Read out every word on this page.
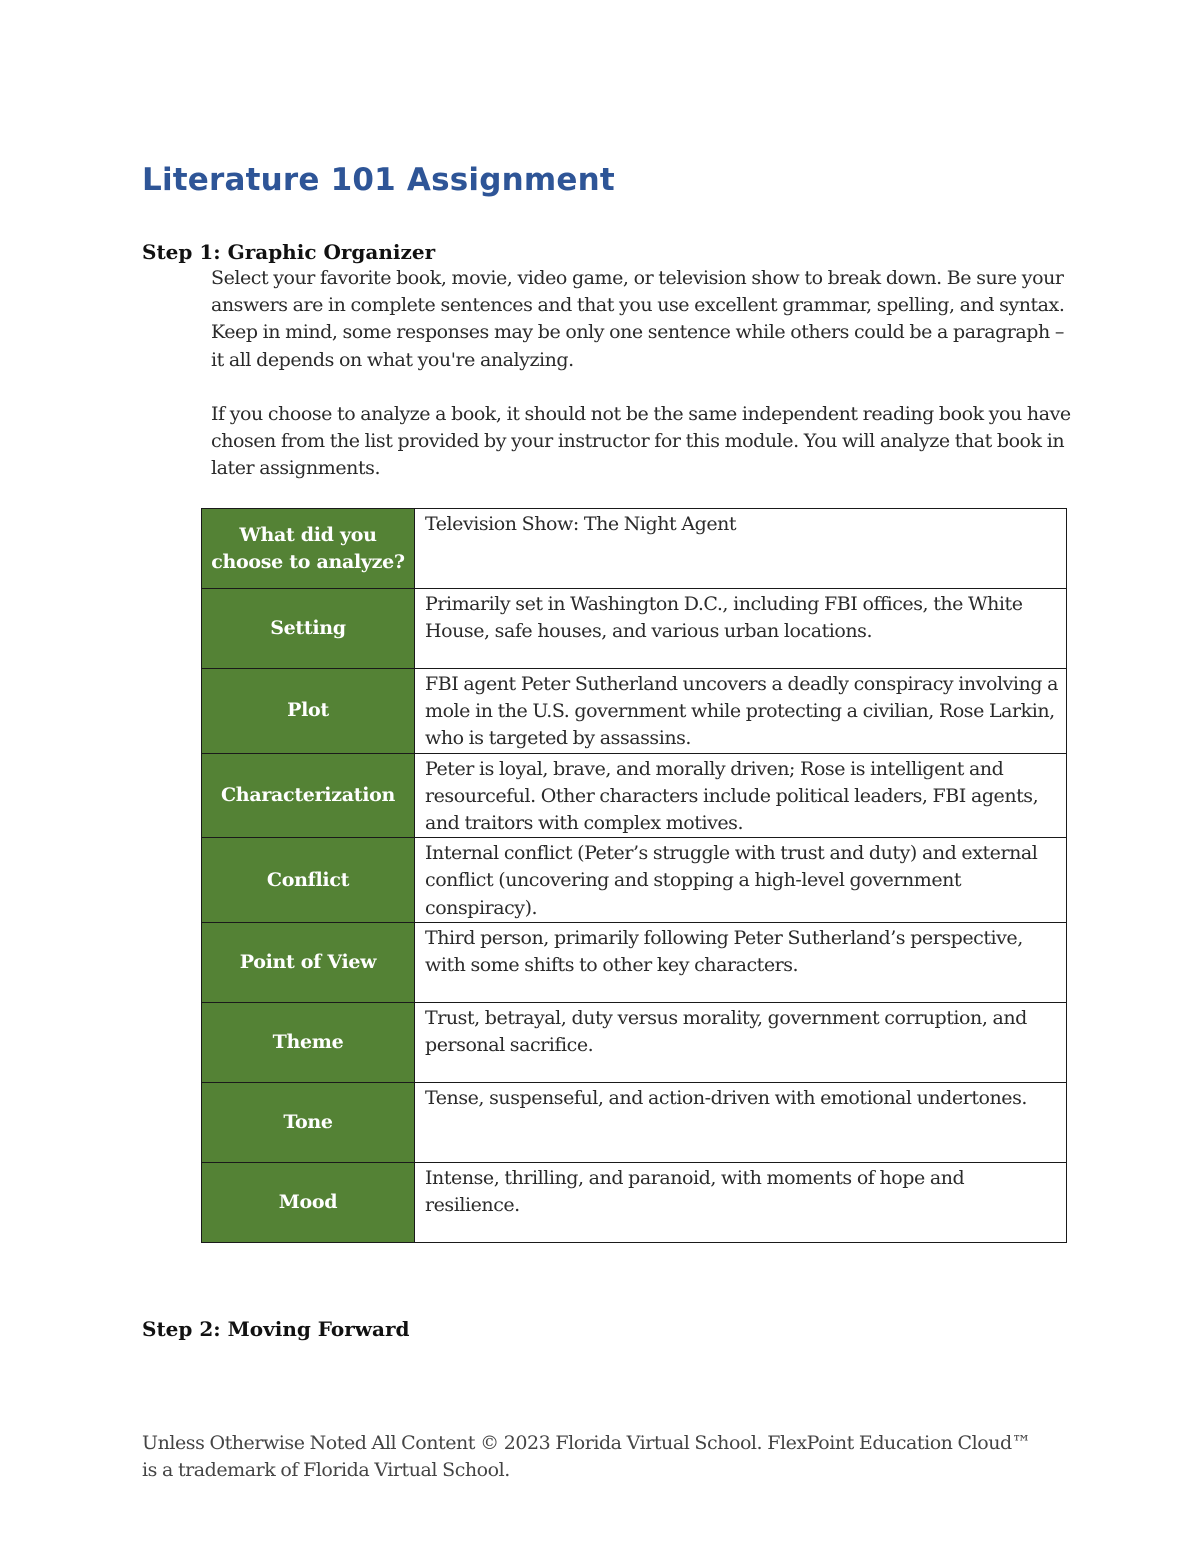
Literature 101 Assignment
Step 1: Graphic Organizer

Select your favorite book, movie, video game, or television show to break down. Be sure your answers are in complete sentences and that you use excellent grammar, spelling, and syntax. Keep in mind, some responses may be only one sentence while others could be a paragraph – it all depends on what you're analyzing.

If you choose to analyze a book, it should not be the same independent reading book you have chosen from the list provided by your instructor for this module. You will analyze that book in later assignments.

What did you choose to analyze?	Television Show: The Night Agent
Setting	Primarily set in Washington D.C., including FBI offices, the White House, safe houses, and various urban locations.
Plot	FBI agent Peter Sutherland uncovers a deadly conspiracy involving a mole in the U.S. government while protecting a civilian, Rose Larkin, who is targeted by assassins.
Characterization	Peter is loyal, brave, and morally driven; Rose is intelligent and resourceful. Other characters include political leaders, FBI agents, and traitors with complex motives.
Conflict	Internal conflict (Peter’s struggle with trust and duty) and external conflict (uncovering and stopping a high-level government conspiracy).
Point of View	Third person, primarily following Peter Sutherland’s perspective, with some shifts to other key characters.
Theme	Trust, betrayal, duty versus morality, government corruption, and personal sacrifice.
Tone	Tense, suspenseful, and action-driven with emotional undertones.
Mood	Intense, thrilling, and paranoid, with moments of hope and resilience.
Step 2: Moving Forward

Unless Otherwise Noted All Content © 2023 Florida Virtual School. FlexPoint Education Cloud™ is a trademark of Florida Virtual School.
